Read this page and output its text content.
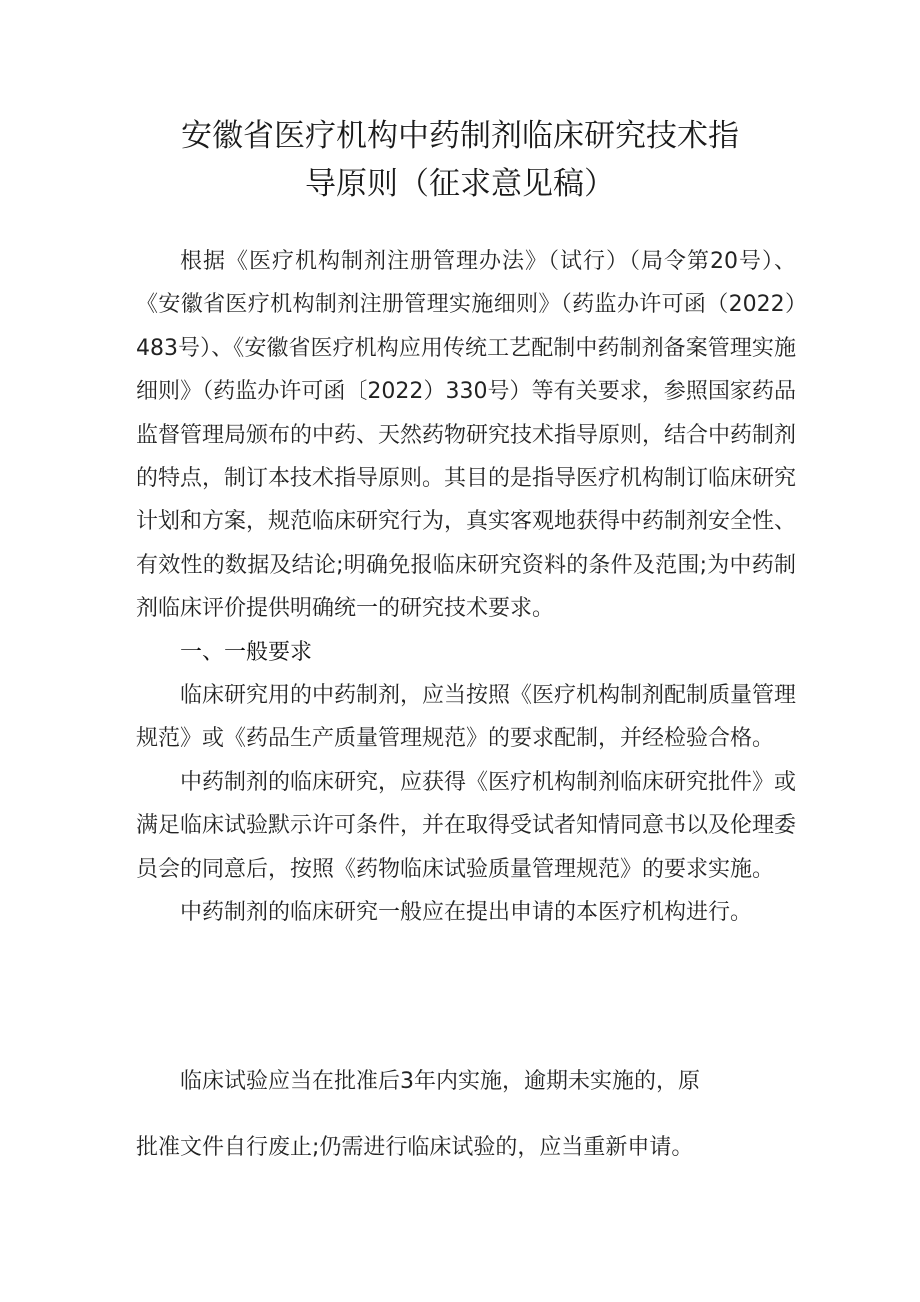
安徽省医疗机构中药制剂临床研究技术指
导原则（征求意见稿）

根据《医疗机构制剂注册管理办法》（试行）（局令第20号）、《安徽省医疗机构制剂注册管理实施细则》（药监办许可函（2022）483号）、《安徽省医疗机构应用传统工艺配制中药制剂备案管理实施细则》（药监办许可函〔2022）330号）等有关要求，参照国家药品监督管理局颁布的中药、天然药物研究技术指导原则，结合中药制剂的特点，制订本技术指导原则。其目的是指导医疗机构制订临床研究计划和方案，规范临床研究行为，真实客观地获得中药制剂安全性、有效性的数据及结论;明确免报临床研究资料的条件及范围;为中药制剂临床评价提供明确统一的研究技术要求。

一、一般要求

临床研究用的中药制剂，应当按照《医疗机构制剂配制质量管理规范》或《药品生产质量管理规范》的要求配制，并经检验合格。

中药制剂的临床研究，应获得《医疗机构制剂临床研究批件》或满足临床试验默示许可条件，并在取得受试者知情同意书以及伦理委员会的同意后，按照《药物临床试验质量管理规范》的要求实施。

中药制剂的临床研究一般应在提出申请的本医疗机构进行。

临床试验应当在批准后3年内实施，逾期未实施的，原
批准文件自行废止;仍需进行临床试验的，应当重新申请。
